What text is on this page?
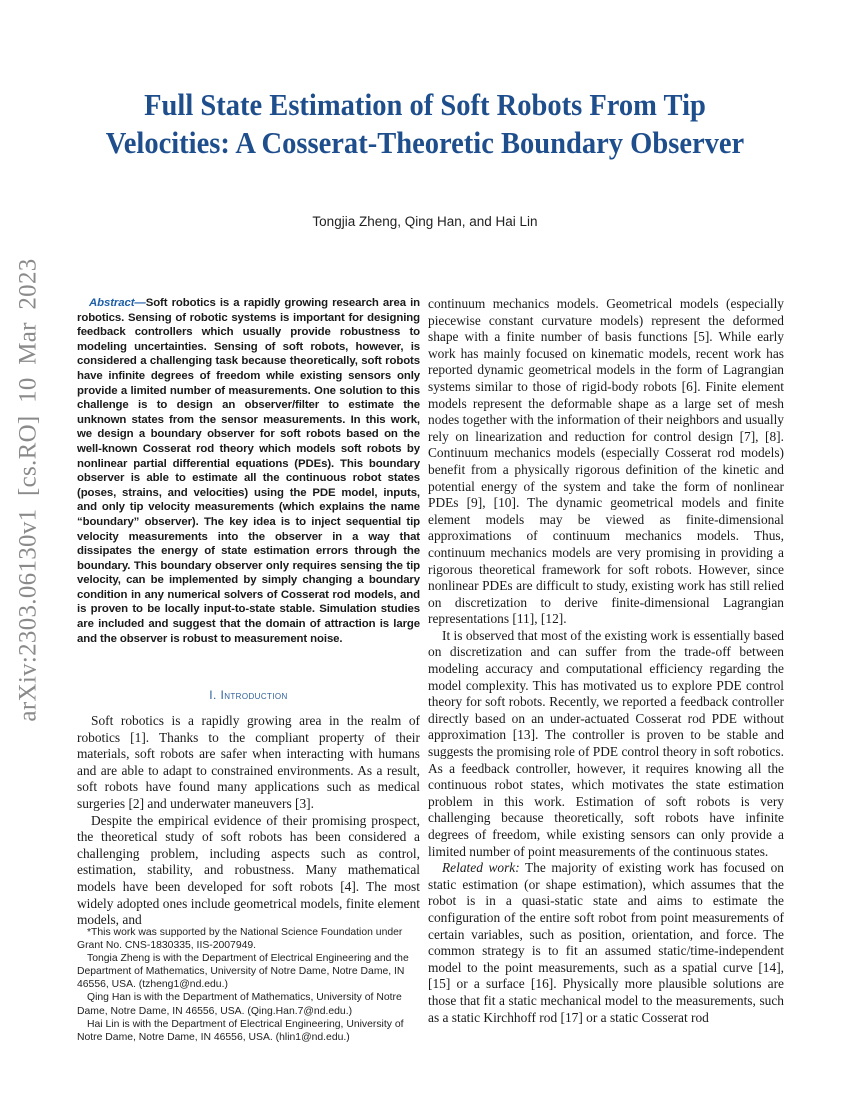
arXiv:2303.06130v1 [cs.RO] 10 Mar 2023
Full State Estimation of Soft Robots From Tip Velocities: A Cosserat-Theoretic Boundary Observer
Tongjia Zheng, Qing Han, and Hai Lin
Abstract—Soft robotics is a rapidly growing research area in robotics. Sensing of robotic systems is important for designing feedback controllers which usually provide robustness to modeling uncertainties. Sensing of soft robots, however, is considered a challenging task because theoretically, soft robots have infinite degrees of freedom while existing sensors only provide a limited number of measurements. One solution to this challenge is to design an observer/filter to estimate the unknown states from the sensor measurements. In this work, we design a boundary observer for soft robots based on the well-known Cosserat rod theory which models soft robots by nonlinear partial differential equations (PDEs). This boundary observer is able to estimate all the continuous robot states (poses, strains, and velocities) using the PDE model, inputs, and only tip velocity measurements (which explains the name “boundary” observer). The key idea is to inject sequential tip velocity measurements into the observer in a way that dissipates the energy of state estimation errors through the boundary. This boundary observer only requires sensing the tip velocity, can be implemented by simply changing a boundary condition in any numerical solvers of Cosserat rod models, and is proven to be locally input-to-state stable. Simulation studies are included and suggest that the domain of attraction is large and the observer is robust to measurement noise.
I. Introduction

Soft robotics is a rapidly growing area in the realm of robotics [1]. Thanks to the compliant property of their materials, soft robots are safer when interacting with humans and are able to adapt to constrained environments. As a result, soft robots have found many applications such as medical surgeries [2] and underwater maneuvers [3].

Despite the empirical evidence of their promising prospect, the theoretical study of soft robots has been considered a challenging problem, including aspects such as control, estimation, stability, and robustness. Many mathematical models have been developed for soft robots [4]. The most widely adopted ones include geometrical models, finite element models, and

*This work was supported by the National Science Foundation under Grant No. CNS-1830335, IIS-2007949.

Tongia Zheng is with the Department of Electrical Engineering and the Department of Mathematics, University of Notre Dame, Notre Dame, IN 46556, USA. (tzheng1@nd.edu.)

Qing Han is with the Department of Mathematics, University of Notre Dame, Notre Dame, IN 46556, USA. (Qing.Han.7@nd.edu.)

Hai Lin is with the Department of Electrical Engineering, University of Notre Dame, Notre Dame, IN 46556, USA. (hlin1@nd.edu.)

continuum mechanics models. Geometrical models (especially piecewise constant curvature models) represent the deformed shape with a finite number of basis functions [5]. While early work has mainly focused on kinematic models, recent work has reported dynamic geometrical models in the form of Lagrangian systems similar to those of rigid-body robots [6]. Finite element models represent the deformable shape as a large set of mesh nodes together with the information of their neighbors and usually rely on linearization and reduction for control design [7], [8]. Continuum mechanics models (especially Cosserat rod models) benefit from a physically rigorous definition of the kinetic and potential energy of the system and take the form of nonlinear PDEs [9], [10]. The dynamic geometrical models and finite element models may be viewed as finite-dimensional approximations of continuum mechanics models. Thus, continuum mechanics models are very promising in providing a rigorous theoretical framework for soft robots. However, since nonlinear PDEs are difficult to study, existing work has still relied on discretization to derive finite-dimensional Lagrangian representations [11], [12].

It is observed that most of the existing work is essentially based on discretization and can suffer from the trade-off between modeling accuracy and computational efficiency regarding the model complexity. This has motivated us to explore PDE control theory for soft robots. Recently, we reported a feedback controller directly based on an under-actuated Cosserat rod PDE without approximation [13]. The controller is proven to be stable and suggests the promising role of PDE control theory in soft robotics. As a feedback controller, however, it requires knowing all the continuous robot states, which motivates the state estimation problem in this work. Estimation of soft robots is very challenging because theoretically, soft robots have infinite degrees of freedom, while existing sensors can only provide a limited number of point measurements of the continuous states.

Related work: The majority of existing work has focused on static estimation (or shape estimation), which assumes that the robot is in a quasi-static state and aims to estimate the configuration of the entire soft robot from point measurements of certain variables, such as position, orientation, and force. The common strategy is to fit an assumed static/time-independent model to the point measurements, such as a spatial curve [14], [15] or a surface [16]. Physically more plausible solutions are those that fit a static mechanical model to the measurements, such as a static Kirchhoff rod [17] or a static Cosserat rod
